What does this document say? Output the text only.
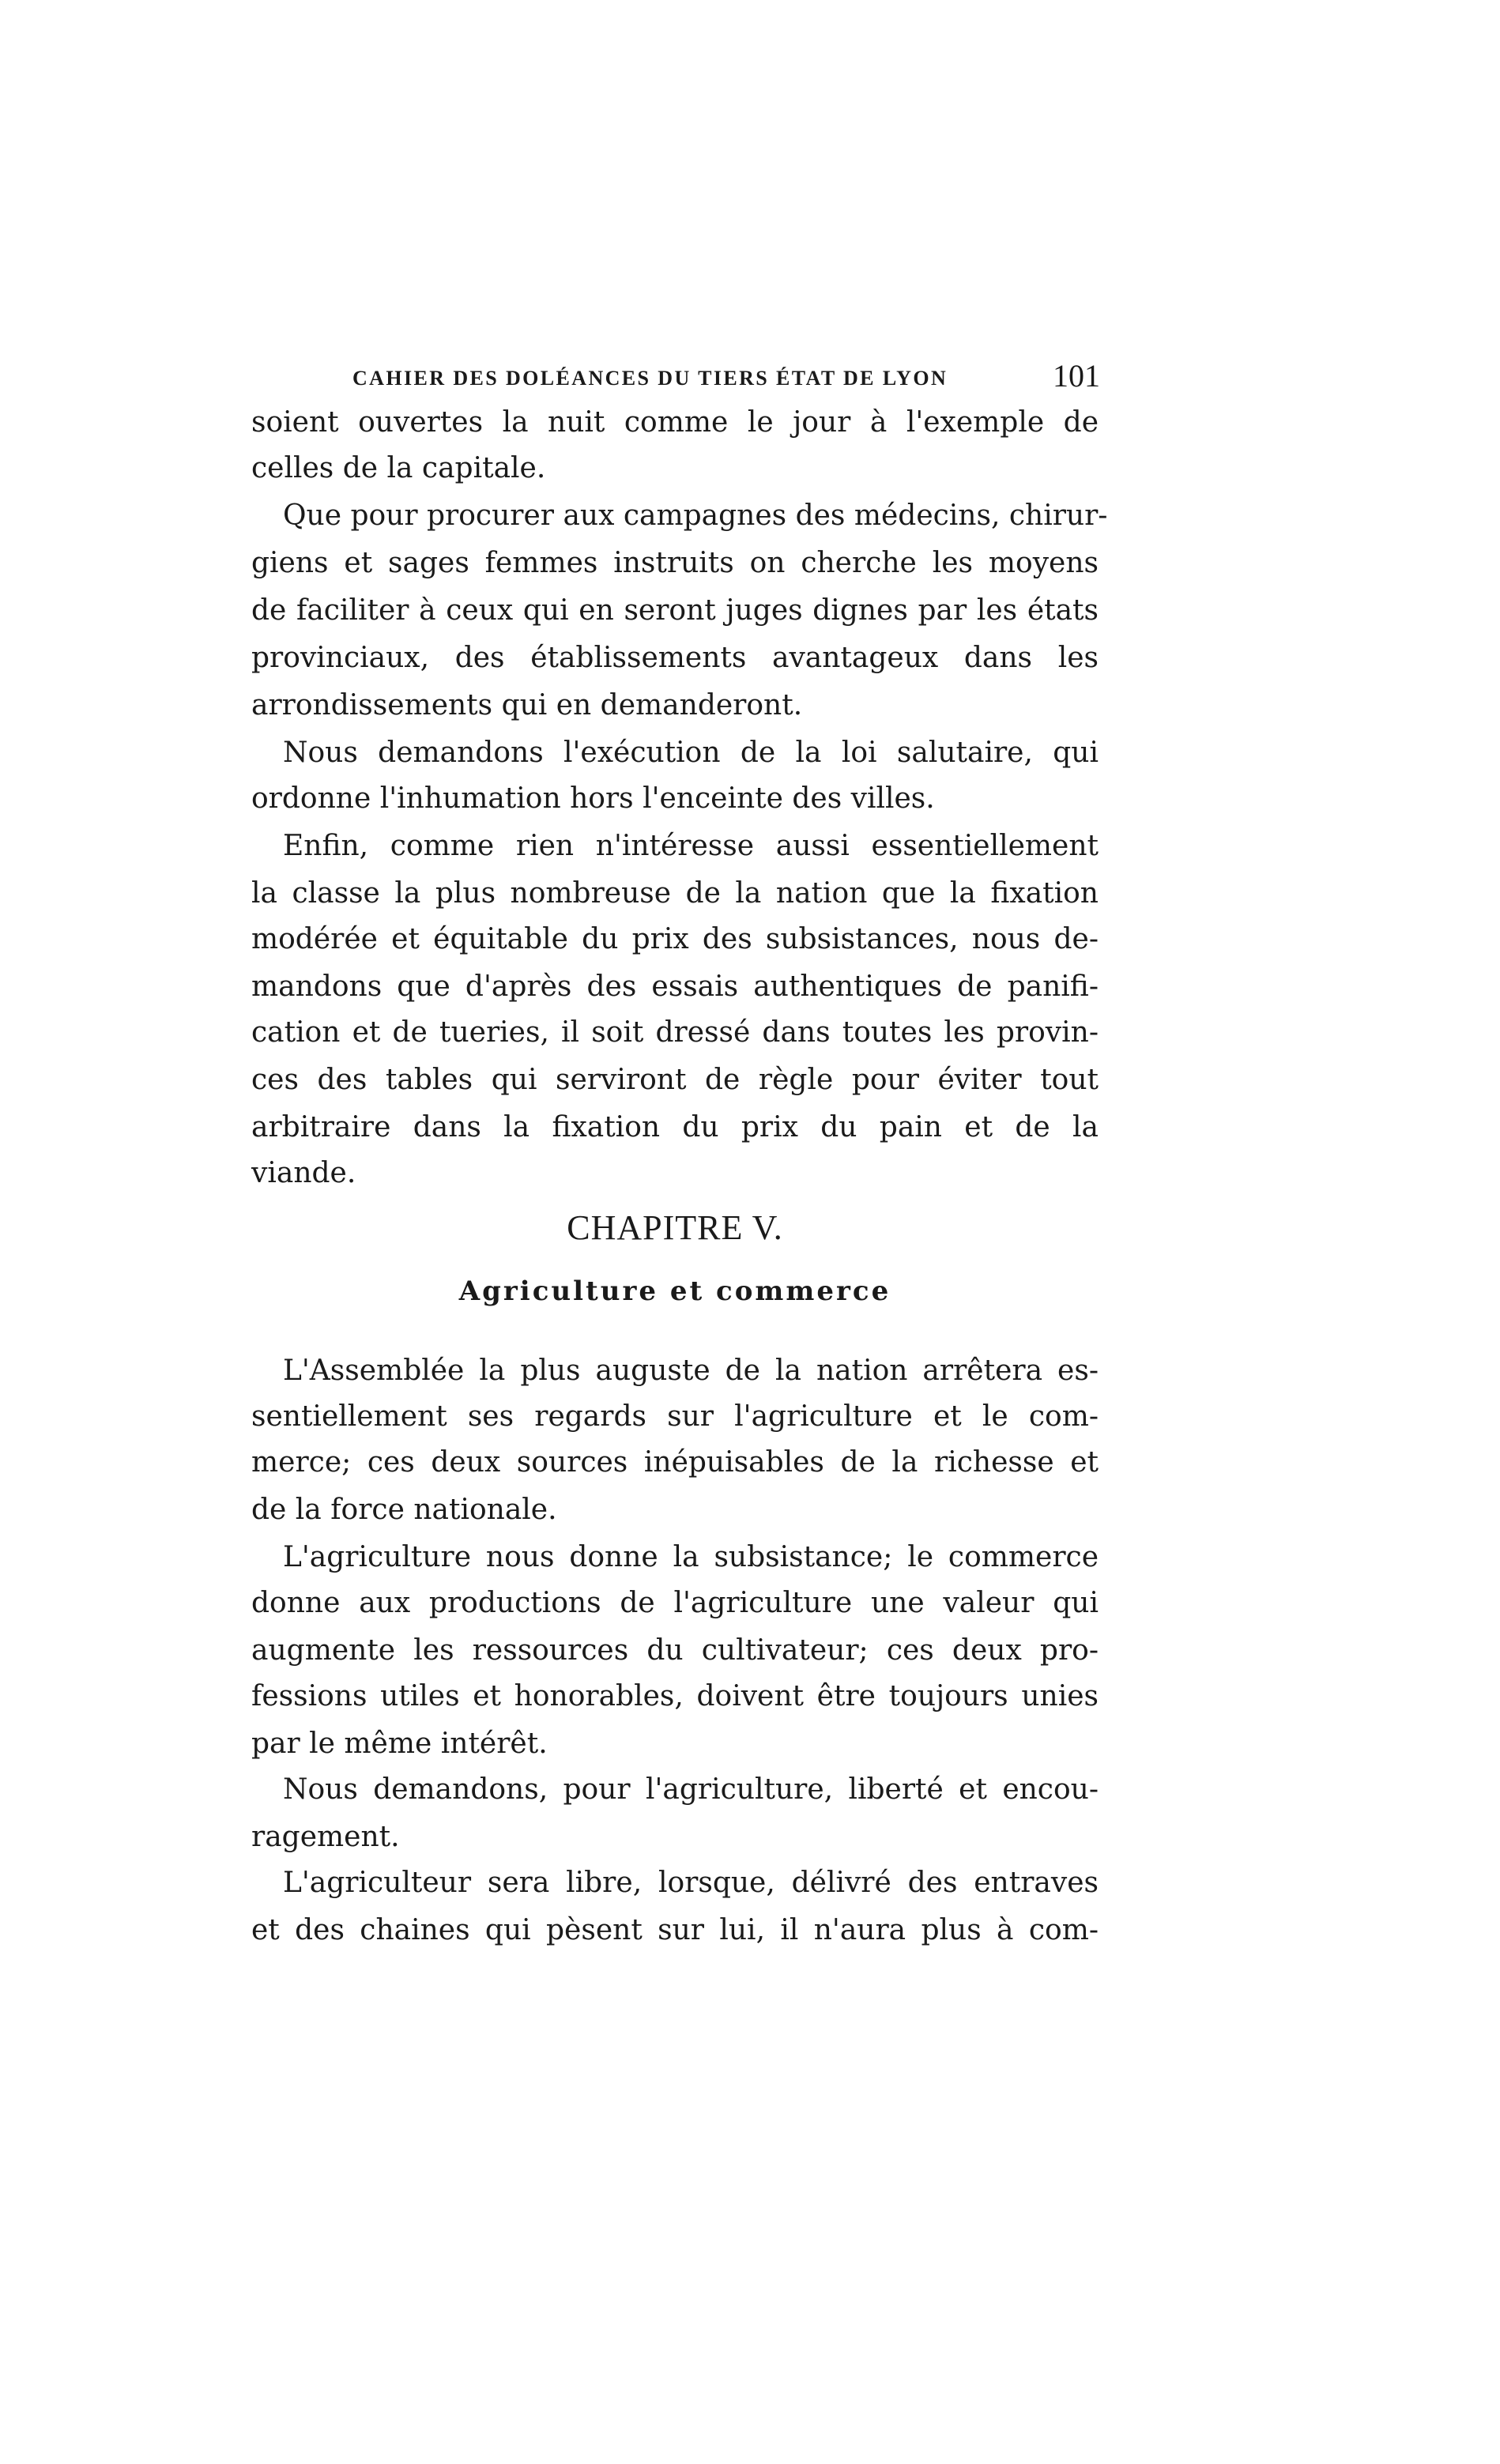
CAHIER DES DOLÉANCES DU TIERS ÉTAT DE LYON	101
soient ouvertes la nuit comme le jour à l'exemple de
celles de la capitale.
Que pour procurer aux campagnes des médecins, chirur-
giens et sages femmes instruits on cherche les moyens
de faciliter à ceux qui en seront juges dignes par les états
provinciaux, des établissements avantageux dans les
arrondissements qui en demanderont.
Nous demandons l'exécution de la loi salutaire, qui
ordonne l'inhumation hors l'enceinte des villes.
Enfin, comme rien n'intéresse aussi essentiellement
la classe la plus nombreuse de la nation que la fixation
modérée et équitable du prix des subsistances, nous de-
mandons que d'après des essais authentiques de panifi-
cation et de tueries, il soit dressé dans toutes les provin-
ces des tables qui serviront de règle pour éviter tout
arbitraire dans la fixation du prix du pain et de la
viande.
CHAPITRE V.
Agriculture et commerce
L'Assemblée la plus auguste de la nation arrêtera es-
sentiellement ses regards sur l'agriculture et le com-
merce; ces deux sources inépuisables de la richesse et
de la force nationale.
L'agriculture nous donne la subsistance; le commerce
donne aux productions de l'agriculture une valeur qui
augmente les ressources du cultivateur; ces deux pro-
fessions utiles et honorables, doivent être toujours unies
par le même intérêt.
Nous demandons, pour l'agriculture, liberté et encou-
ragement.
L'agriculteur sera libre, lorsque, délivré des entraves
et des chaines qui pèsent sur lui, il n'aura plus à com-
